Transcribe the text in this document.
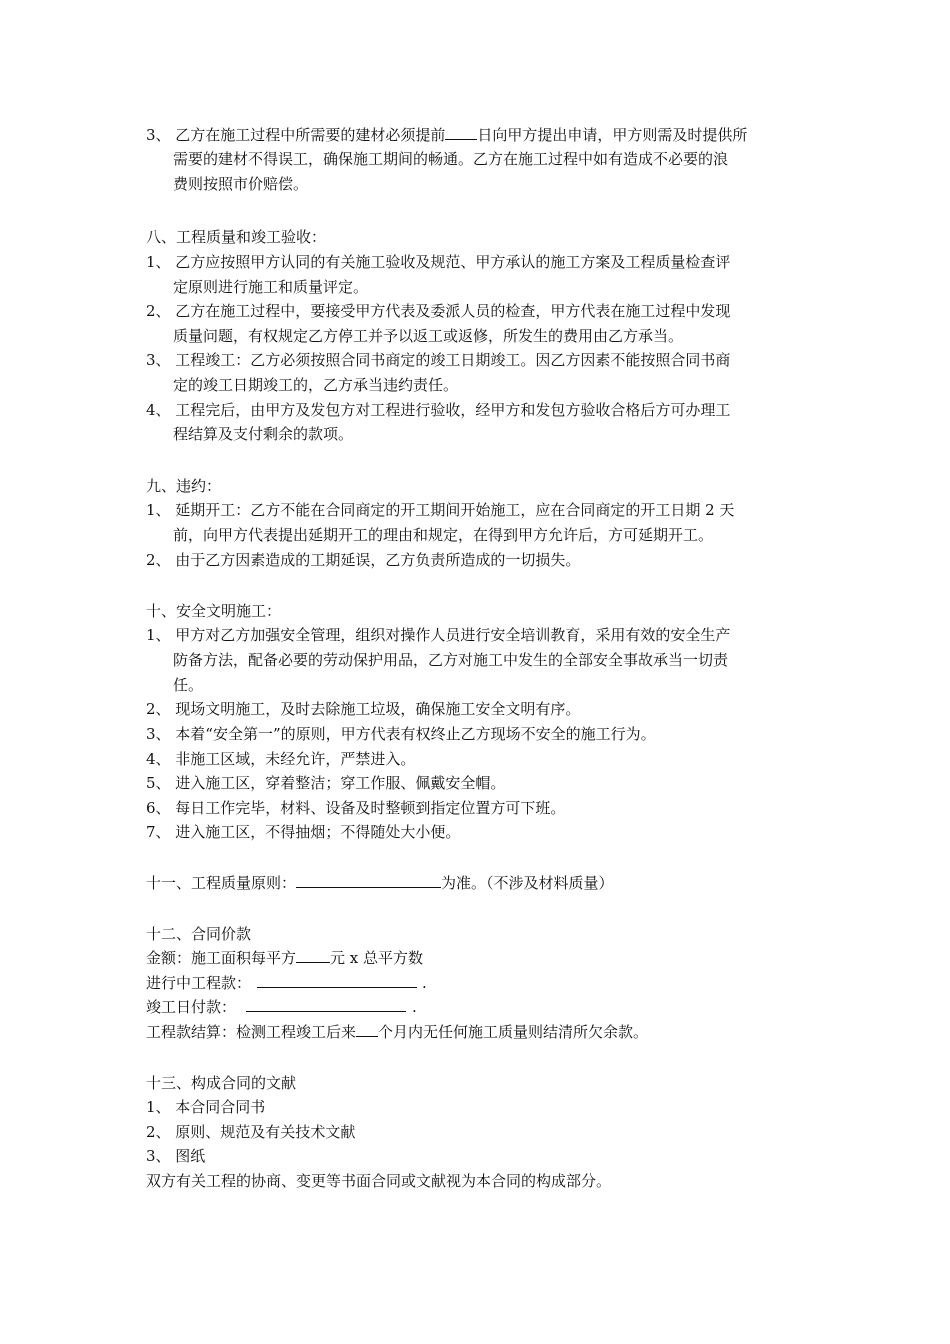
3、 乙方在施工过程中所需要的建材必须提前 日向甲方提出申请，甲方则需及时提供所
需要的建材不得误工，确保施工期间的畅通。乙方在施工过程中如有造成不必要的浪
费则按照市价赔偿。
八、工程质量和竣工验收：
1、 乙方应按照甲方认同的有关施工验收及规范、甲方承认的施工方案及工程质量检查评
定原则进行施工和质量评定。
2、 乙方在施工过程中，要接受甲方代表及委派人员的检查，甲方代表在施工过程中发现
质量问题，有权规定乙方停工并予以返工或返修，所发生的费用由乙方承当。
3、 工程竣工：乙方必须按照合同书商定的竣工日期竣工。因乙方因素不能按照合同书商
定的竣工日期竣工的，乙方承当违约责任。
4、 工程完后，由甲方及发包方对工程进行验收，经甲方和发包方验收合格后方可办理工
程结算及支付剩余的款项。
九、违约：
1、 延期开工：乙方不能在合同商定的开工期间开始施工，应在合同商定的开工日期 2 天
前，向甲方代表提出延期开工的理由和规定，在得到甲方允许后，方可延期开工。
2、 由于乙方因素造成的工期延误，乙方负责所造成的一切损失。
十、安全文明施工：
1、 甲方对乙方加强安全管理，组织对操作人员进行安全培训教育，采用有效的安全生产
防备方法，配备必要的劳动保护用品，乙方对施工中发生的全部安全事故承当一切责
任。
2、 现场文明施工，及时去除施工垃圾，确保施工安全文明有序。
3、 本着“安全第一”的原则，甲方代表有权终止乙方现场不安全的施工行为。
4、 非施工区域，未经允许，严禁进入。
5、 进入施工区，穿着整洁；穿工作服、佩戴安全帽。
6、 每日工作完毕，材料、设备及时整顿到指定位置方可下班。
7、 进入施工区，不得抽烟；不得随处大小便。
十一、工程质量原则：	为准。（不涉及材料质量）
十二、合同价款
金额：施工面积每平方 元 x 总平方数
进行中工程款：	.
竣工日付款：	.
工程款结算：检测工程竣工后来 个月内无任何施工质量则结清所欠余款。
十三、构成合同的文献
1、 本合同合同书
2、 原则、规范及有关技术文献
3、 图纸
双方有关工程的协商、变更等书面合同或文献视为本合同的构成部分。
